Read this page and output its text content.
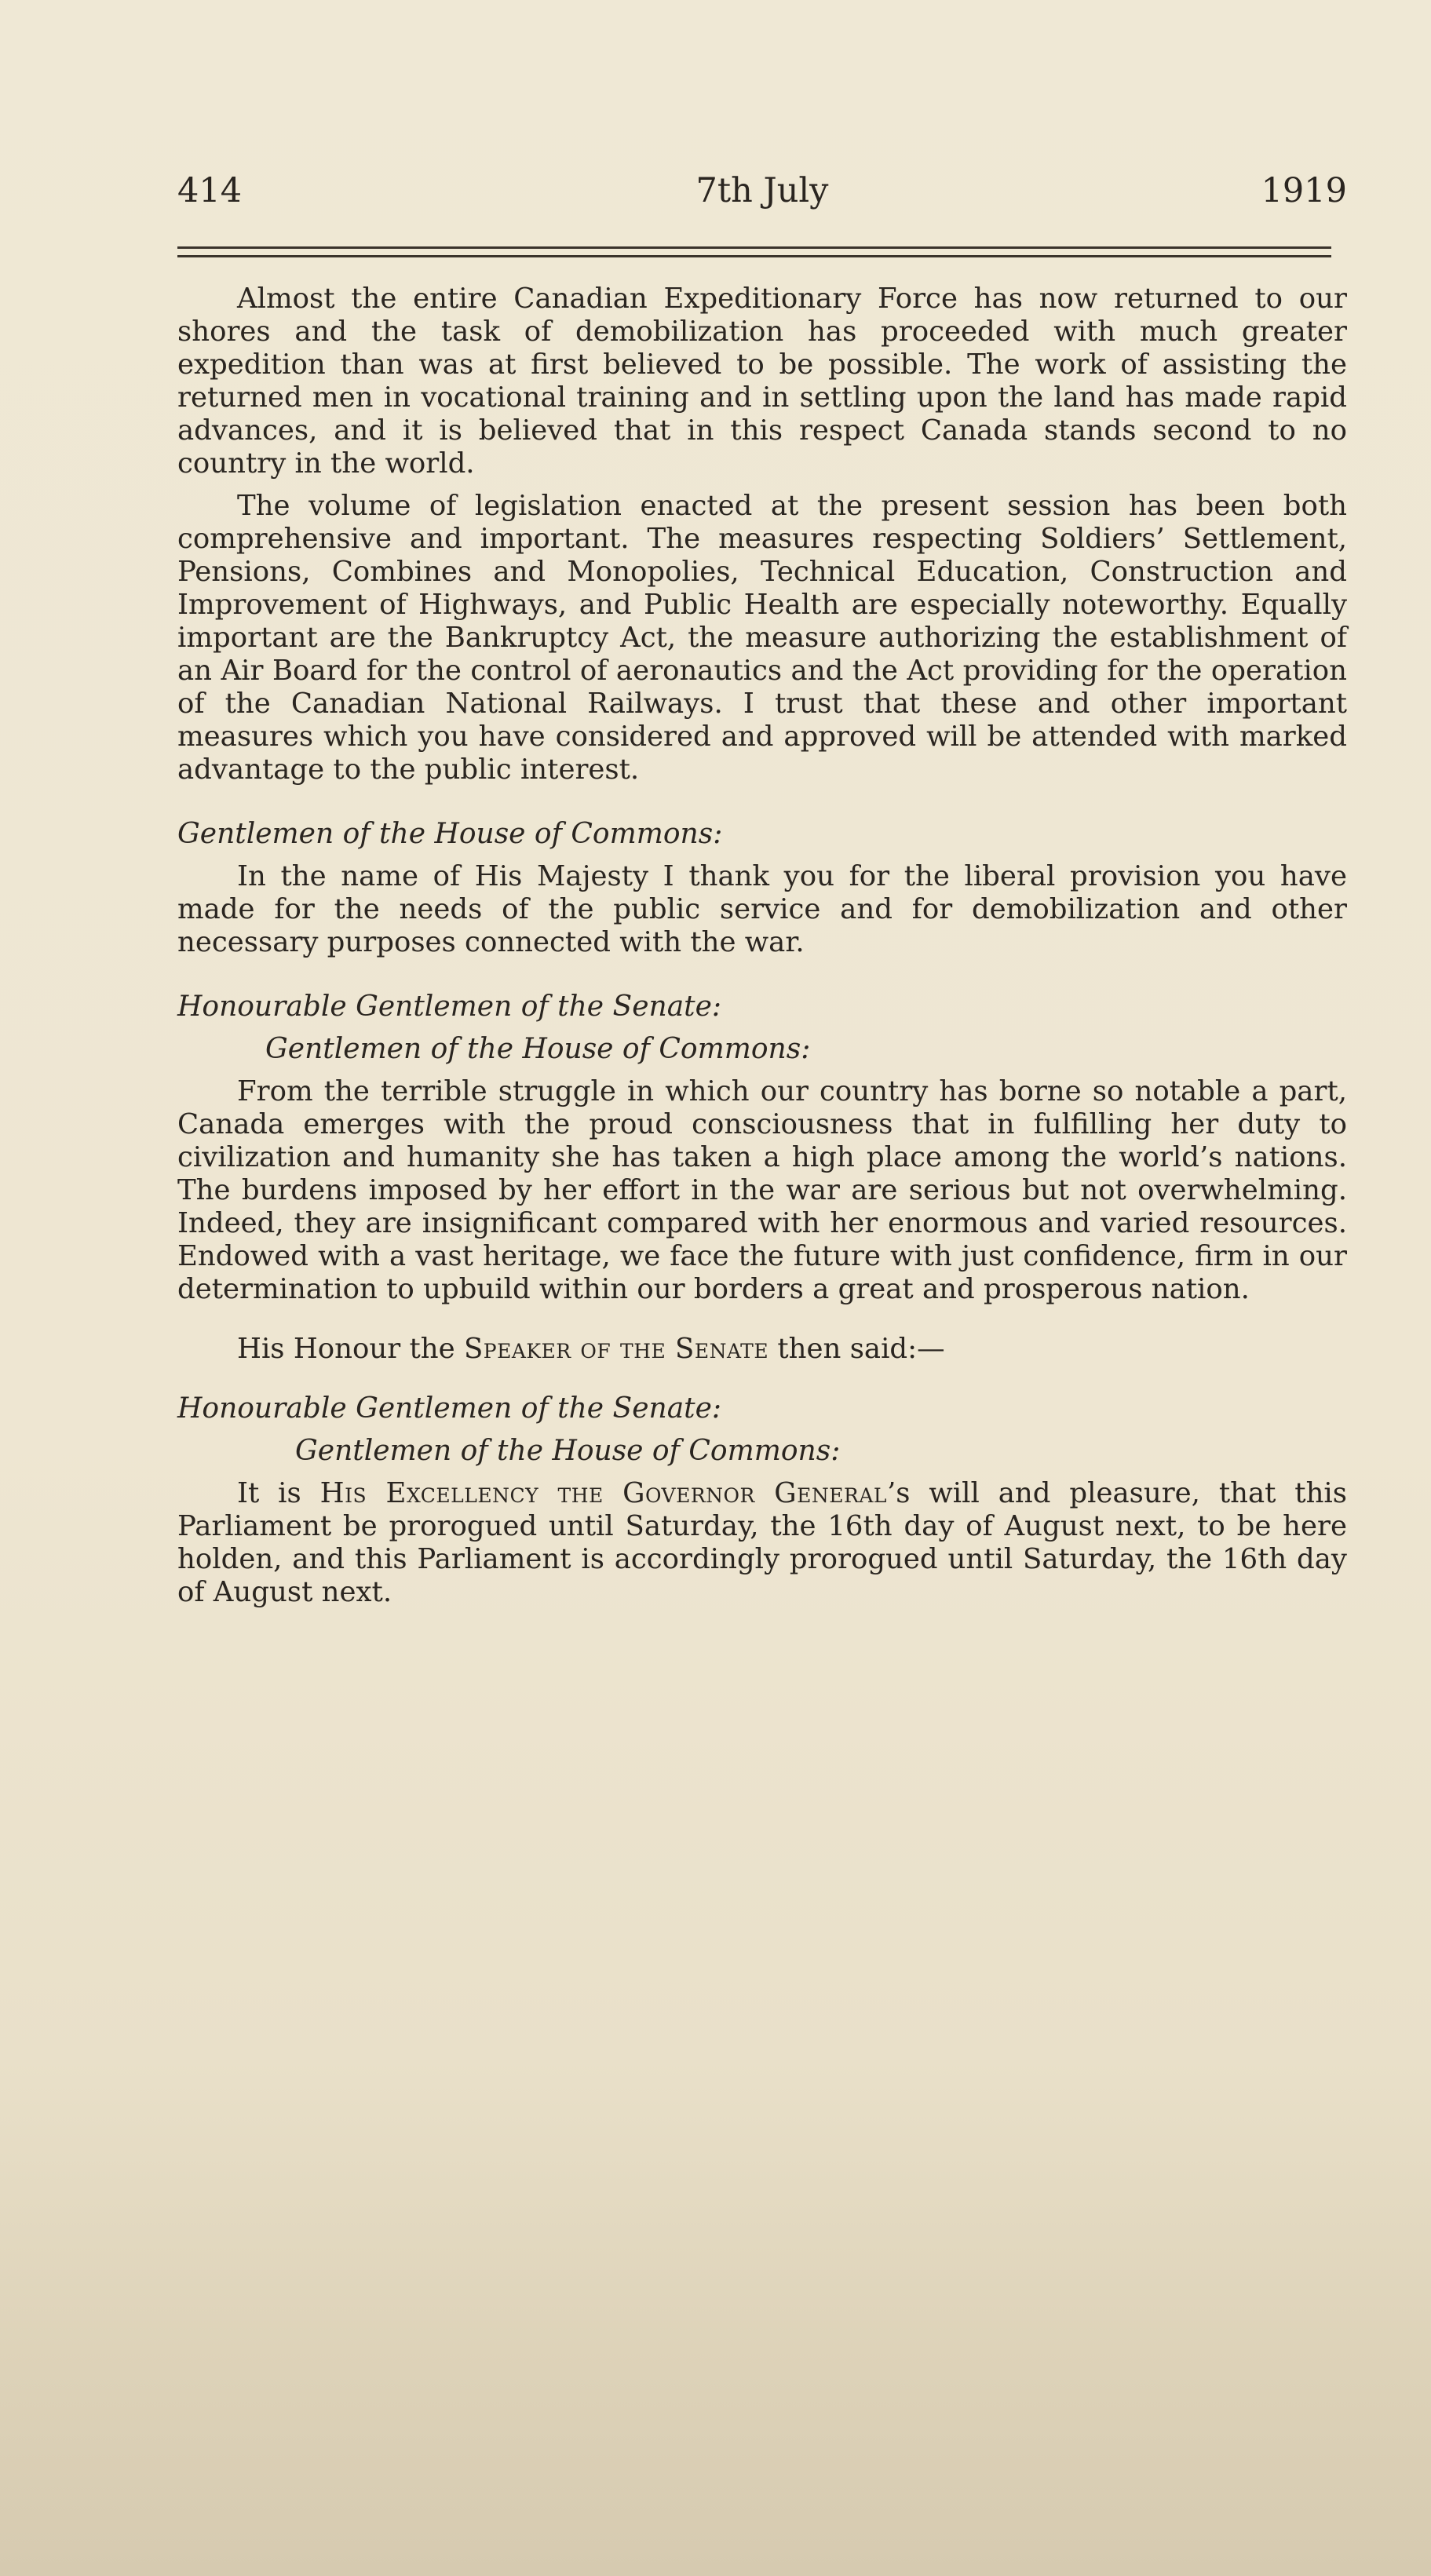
414	7th July	1919

Almost the entire Canadian Expeditionary Force has now returned to our shores and the task of demobilization has proceeded with much greater expedition than was at first believed to be possible. The work of assisting the returned men in vocational training and in settling upon the land has made rapid advances, and it is believed that in this respect Canada stands second to no country in the world.

The volume of legislation enacted at the present session has been both comprehensive and important. The measures respecting Soldiers’ Settlement, Pensions, Combines and Monopolies, Technical Education, Construction and Improvement of Highways, and Public Health are especially noteworthy. Equally important are the Bankruptcy Act, the measure authorizing the establishment of an Air Board for the control of aeronautics and the Act providing for the operation of the Canadian National Railways. I trust that these and other important measures which you have considered and approved will be attended with marked advantage to the public interest.

Gentlemen of the House of Commons:

In the name of His Majesty I thank you for the liberal provision you have made for the needs of the public service and for demobilization and other necessary purposes connected with the war.

Honourable Gentlemen of the Senate:

Gentlemen of the House of Commons:

From the terrible struggle in which our country has borne so notable a part, Canada emerges with the proud consciousness that in fulfilling her duty to civilization and humanity she has taken a high place among the world’s nations. The burdens imposed by her effort in the war are serious but not overwhelming. Indeed, they are insignificant compared with her enormous and varied resources. Endowed with a vast heritage, we face the future with just confidence, firm in our determination to upbuild within our borders a great and prosperous nation.

His Honour the Speaker of the Senate then said:—

Honourable Gentlemen of the Senate:

Gentlemen of the House of Commons:

It is His Excellency the Governor General’s will and pleasure, that this Parliament be prorogued until Saturday, the 16th day of August next, to be here holden, and this Parliament is accordingly prorogued until Saturday, the 16th day of August next.
